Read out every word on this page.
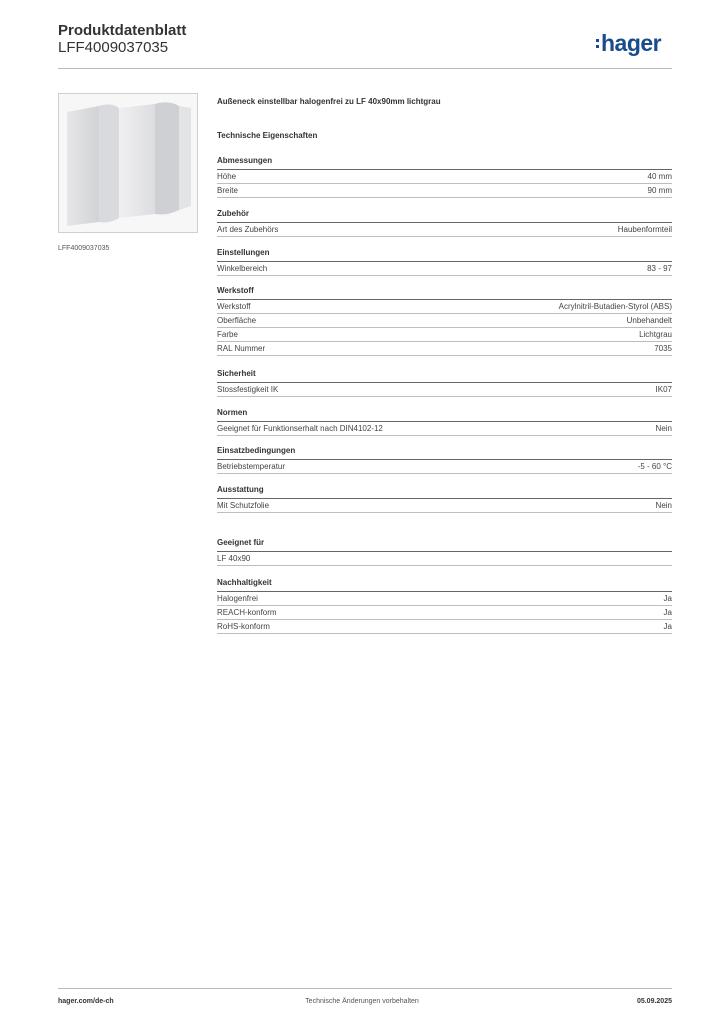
Produktdatenblatt
LFF4009037035	hager
LFF4009037035
Außeneck einstellbar halogenfrei zu LF 40x90mm lichtgrau
Technische Eigenschaften
Abmessungen
Höhe	40 mm
Breite	90 mm
Zubehör
Art des Zubehörs	Haubenformteil
Einstellungen
Winkelbereich	83 - 97
Werkstoff
Werkstoff	Acrylnitril-Butadien-Styrol (ABS)
Oberfläche	Unbehandelt
Farbe	Lichtgrau
RAL Nummer	7035
Sicherheit
Stossfestigkeit IK	IK07
Normen
Geeignet für Funktionserhalt nach DIN4102-12	Nein
Einsatzbedingungen
Betriebstemperatur	-5 - 60 °C
Ausstattung
Mit Schutzfolie	Nein
Geeignet für
LF 40x90
Nachhaltigkeit
Halogenfrei	Ja
REACH-konform	Ja
RoHS-konform	Ja
hager.com/de-ch	Technische Änderungen vorbehalten	05.09.2025
